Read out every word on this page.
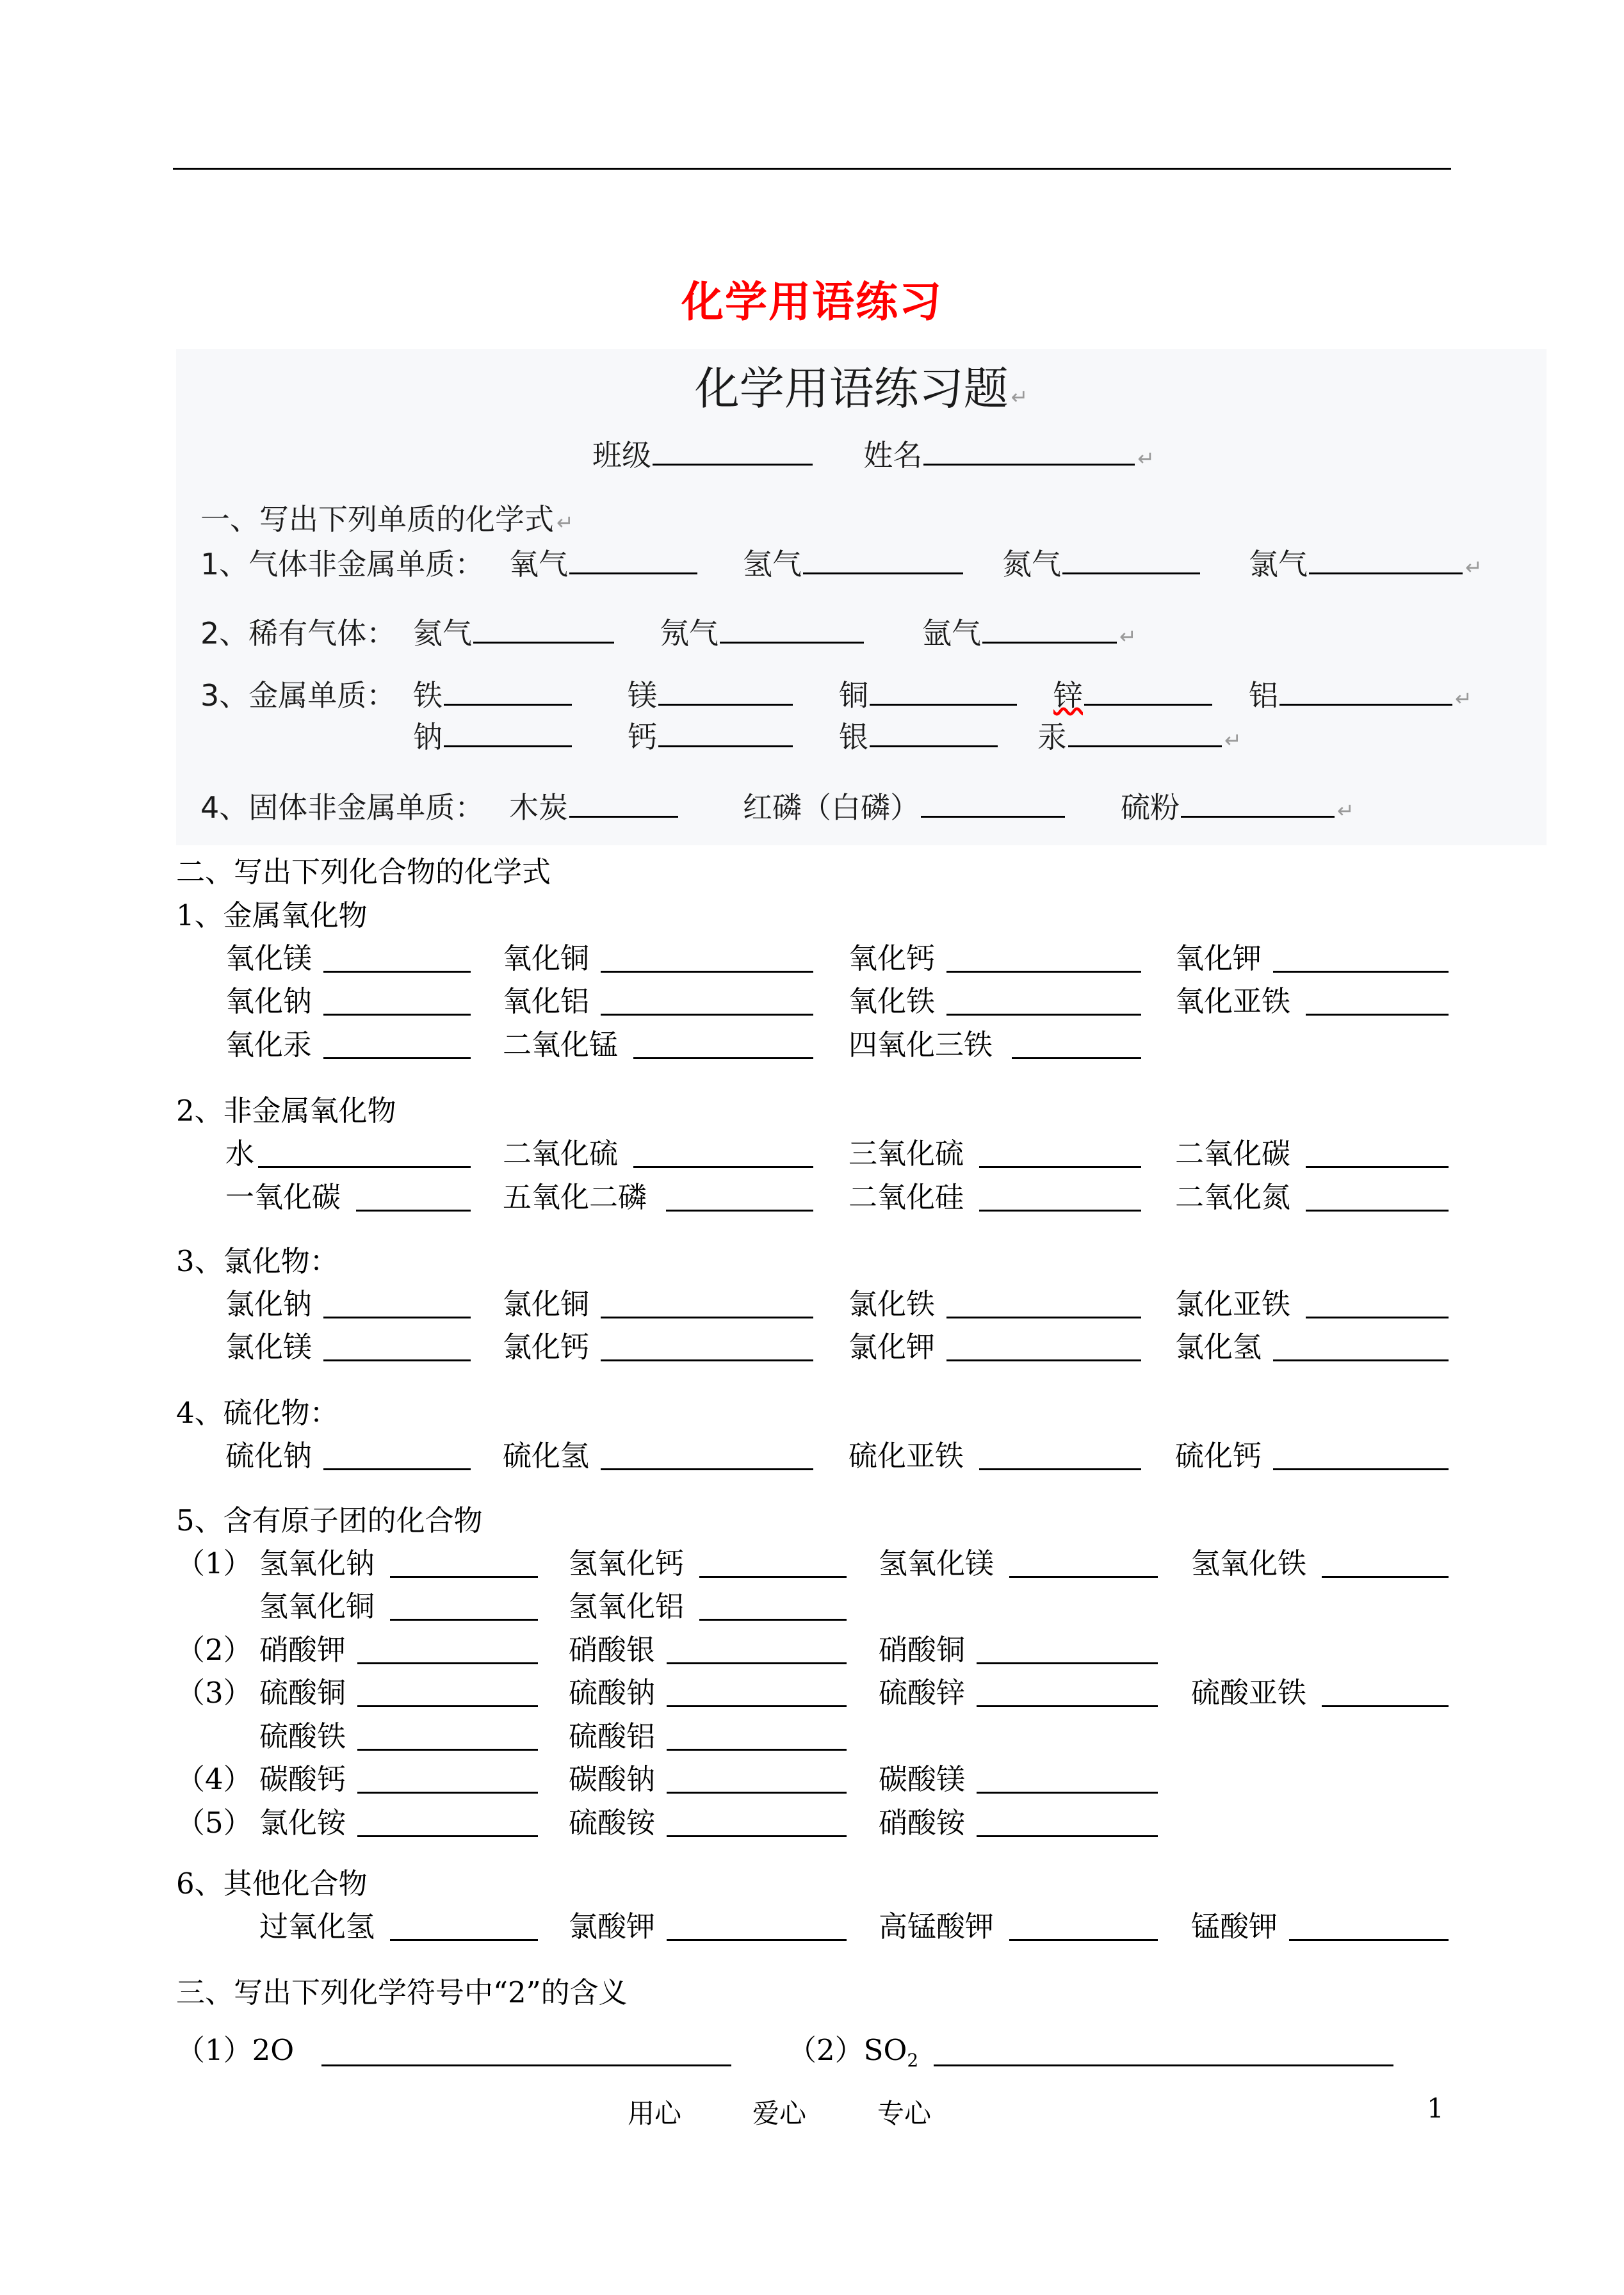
化学用语练习
化学用语练习题 ↵
班级	姓名	↵
一、写出下列单质的化学式 ↵
1、气体非金属单质： 氧气	氢气	氮气	氯气	↵
2、稀有气体： 氦气	氖气	氩气	↵
3、金属单质： 铁	镁	铜	锌	铝	↵
钠	钙	银	汞	↵
4、固体非金属单质： 木炭	红磷（白磷）	硫粉	↵
二、写出下列化合物的化学式
1、金属氧化物
氧化镁	氧化铜	氧化钙	氧化钾
氧化钠	氧化铝	氧化铁	氧化亚铁
氧化汞	二氧化锰	四氧化三铁
2、非金属氧化物
水	二氧化硫	三氧化硫	二氧化碳
一氧化碳	五氧化二磷	二氧化硅	二氧化氮
3、氯化物：
氯化钠	氯化铜	氯化铁	氯化亚铁
氯化镁	氯化钙	氯化钾	氯化氢
4、硫化物：
硫化钠	硫化氢	硫化亚铁	硫化钙
5、含有原子团的化合物
（1） 氢氧化钠	氢氧化钙	氢氧化镁	氢氧化铁
氢氧化铜	氢氧化铝
（2） 硝酸钾	硝酸银	硝酸铜
（3） 硫酸铜	硫酸钠	硫酸锌	硫酸亚铁
硫酸铁	硫酸铝
（4） 碳酸钙	碳酸钠	碳酸镁
（5） 氯化铵	硫酸铵	硝酸铵
6、其他化合物
过氧化氢	氯酸钾	高锰酸钾	锰酸钾
三、写出下列化学符号中“2”的含义
（1）2O	$(2)SO_2$
用心	爱心	专心	1
